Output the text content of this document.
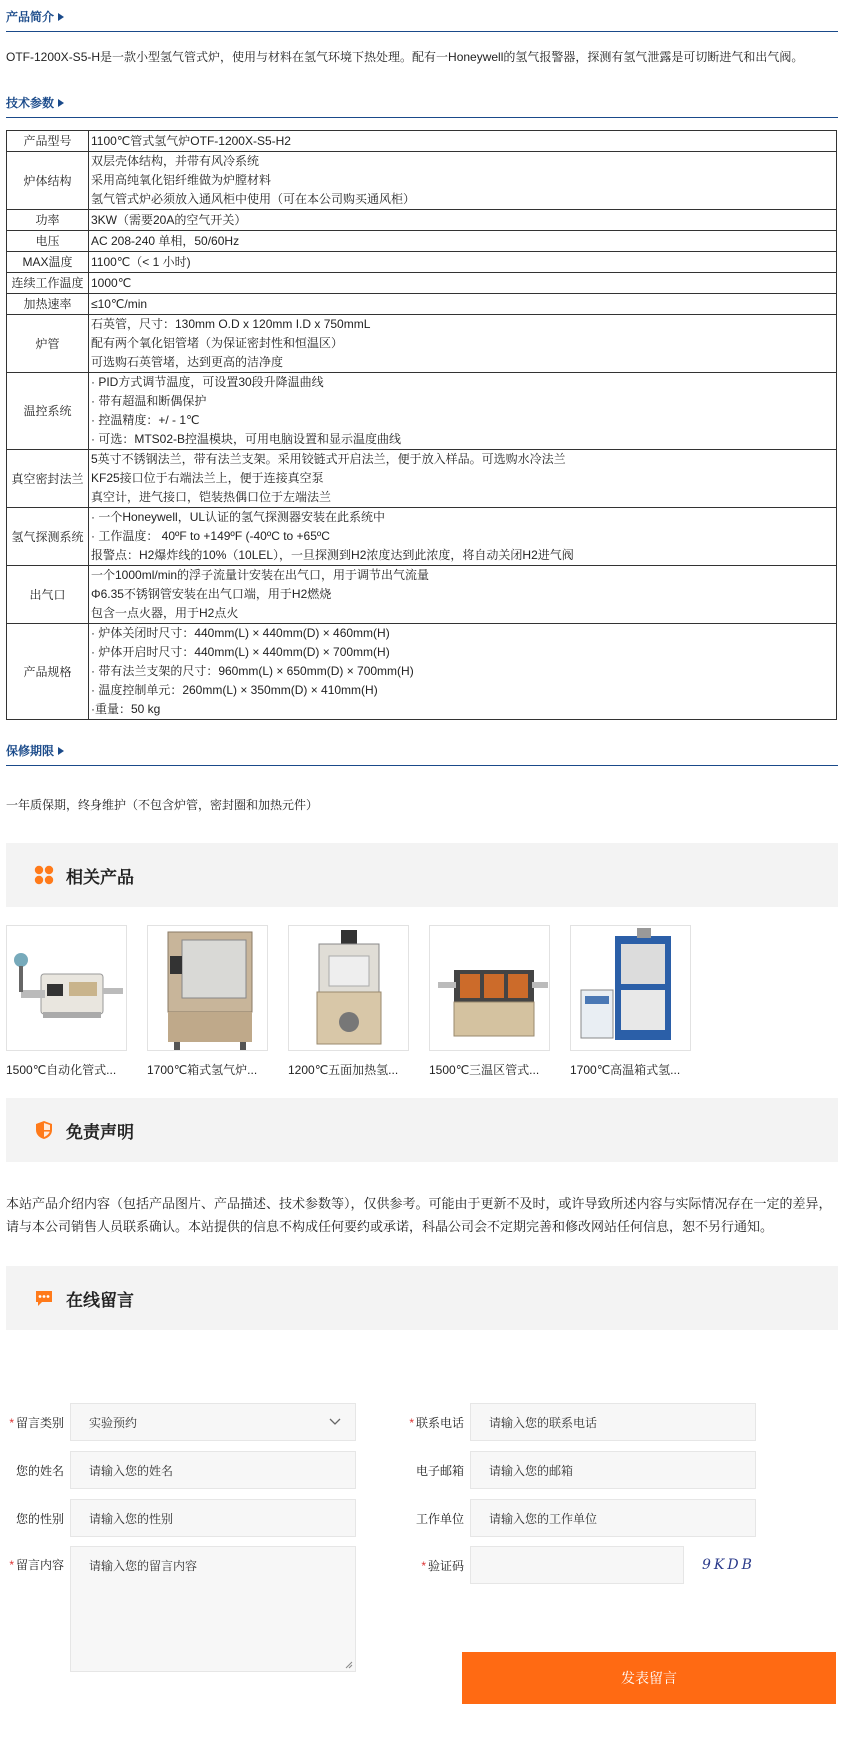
产品简介
OTF-1200X-S5-H是一款小型氢气管式炉，使用与材料在氢气环境下热处理。配有一Honeywell的氢气报警器，探测有氢气泄露是可切断进气和出气阀。
技术参数
产品型号	1100℃管式氢气炉OTF-1200X-S5-H2

炉体结构	双层壳体结构，并带有风冷系统
采用高纯氧化铝纤维做为炉膛材料
氢气管式炉必须放入通风柜中使用（可在本公司购买通风柜）

功率	3KW（需要20A的空气开关）

电压	AC 208-240 单相，50/60Hz

MAX温度	1100℃（< 1 小时)

连续工作温度	1000℃

加热速率	≤10℃/min

炉管	石英管，尺寸：130mm O.D x 120mm I.D x 750mmL
配有两个氧化铝管堵（为保证密封性和恒温区）
可选购石英管堵，达到更高的洁净度

温控系统	· PID方式调节温度，可设置30段升降温曲线
· 带有超温和断偶保护
· 控温精度：+/ - 1℃
· 可选：MTS02-B控温模块，可用电脑设置和显示温度曲线

真空密封法兰	5英寸不锈钢法兰，带有法兰支架。采用铰链式开启法兰，便于放入样品。可选购水冷法兰
KF25接口位于右端法兰上，便于连接真空泵
真空计，进气接口，铠装热偶口位于左端法兰

氢气探测系统	· 一个Honeywell，UL认证的氢气探测器安装在此系统中
· 工作温度： 40ºF to +149ºF (-40ºC to +65ºC
报警点：H2爆炸线的10%（10LEL），一旦探测到H2浓度达到此浓度，将自动关闭H2进气阀

出气口	一个1000ml/min的浮子流量计安装在出气口，用于调节出气流量
Φ6.35不锈钢管安装在出气口端，用于H2燃烧
包含一点火器，用于H2点火

产品规格	· 炉体关闭时尺寸：440mm(L) × 440mm(D) × 460mm(H)
· 炉体开启时尺寸：440mm(L) × 440mm(D) × 700mm(H)
· 带有法兰支架的尺寸：960mm(L) × 650mm(D) × 700mm(H)
· 温度控制单元：260mm(L) × 350mm(D) × 410mm(H)
·重量：50 kg
保修期限
一年质保期，终身维护（不包含炉管，密封圈和加热元件）
相关产品
1500℃自动化管式...	1700℃箱式氢气炉...	1200℃五面加热氢...	1500℃三温区管式...	1700℃高温箱式氢...
免责声明
本站产品介绍内容（包括产品图片、产品描述、技术参数等），仅供参考。可能由于更新不及时，或许导致所述内容与实际情况存在一定的差异，请与本公司销售人员联系确认。本站提供的信息不构成任何要约或承诺，科晶公司会不定期完善和修改网站任何信息，恕不另行通知。
在线留言
* 留言类别 实验预约	* 联系电话	请输入您的联系电话
您的姓名	请输入您的姓名	电子邮箱	请输入您的邮箱
您的性别	请输入您的性别	工作单位	请输入您的工作单位
* 留言内容 请输入您的留言内容	* 验证码	9KDB
发表留言
